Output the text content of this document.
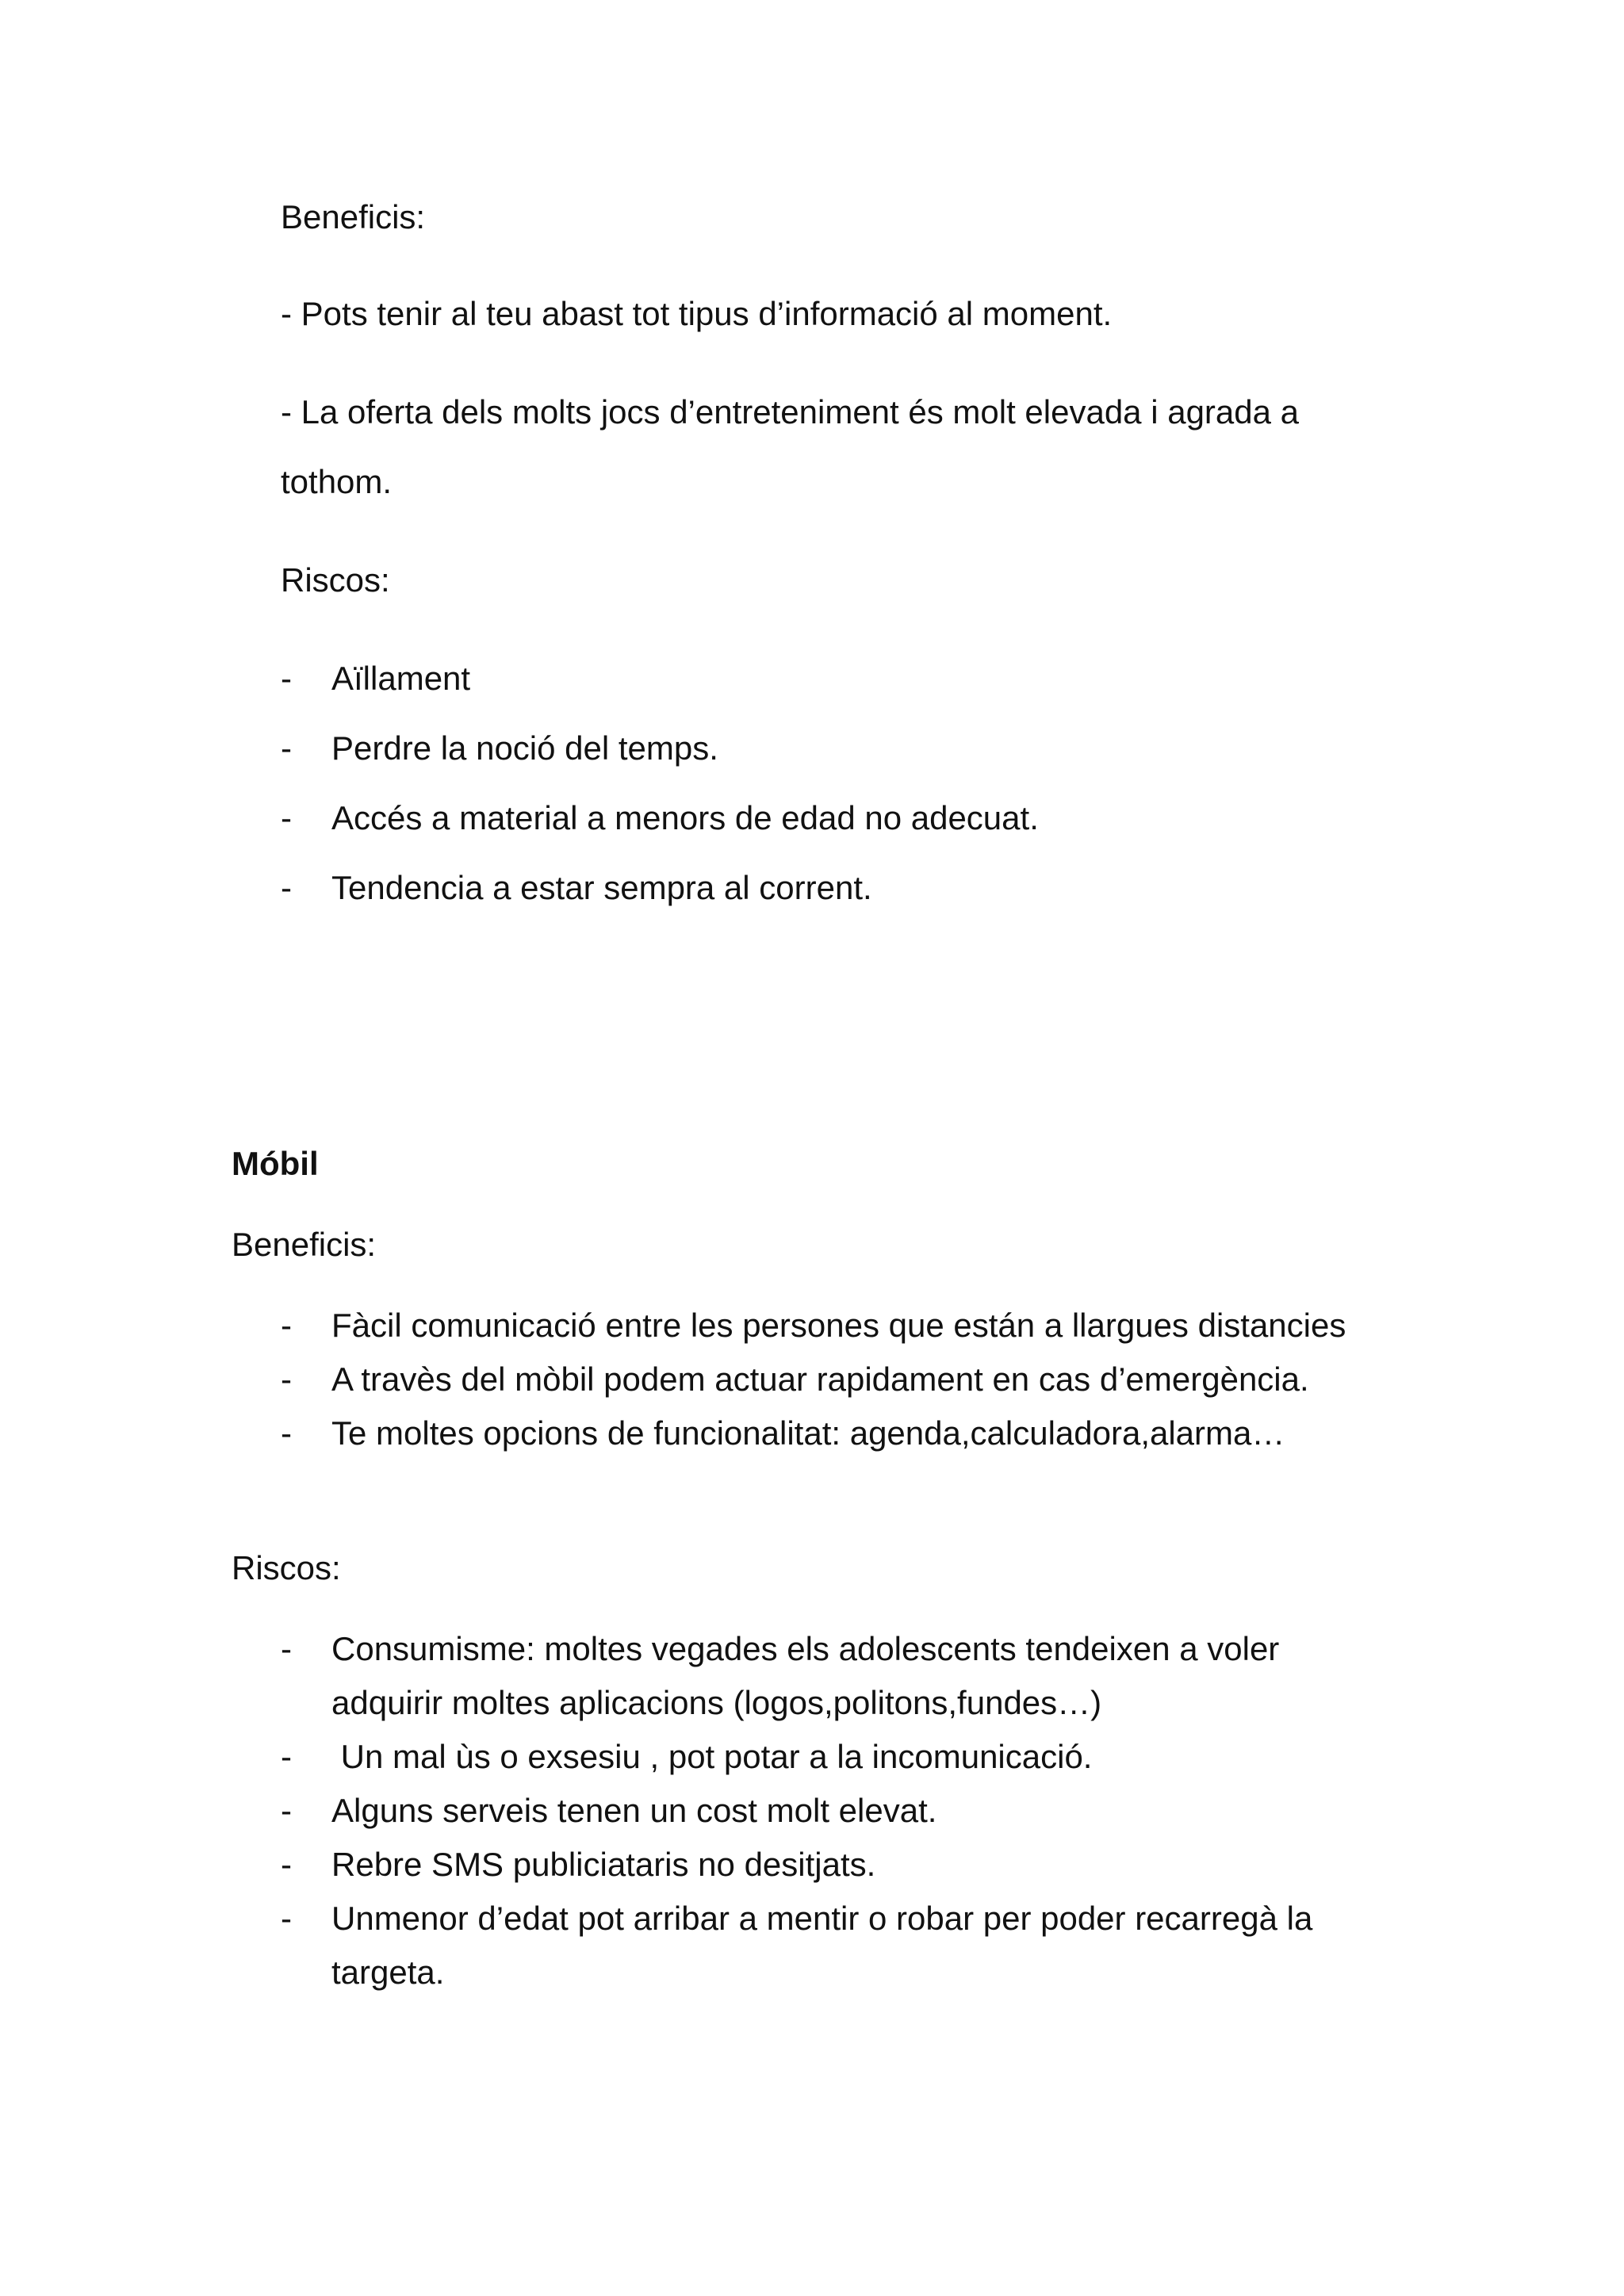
Beneficis:
- Pots tenir al teu abast tot tipus d’informació al moment.
- La oferta dels molts jocs d’entreteniment és molt elevada i agrada a
tothom.
Riscos:
- Aïllament
- Perdre la noció del temps.
- Accés a material a menors de edad no adecuat.
- Tendencia a estar sempra al corrent.
Móbil
Beneficis:
- Fàcil comunicació entre les persones que están a llargues distancies
- A travès del mòbil podem actuar rapidament en cas d’emergència.
- Te moltes opcions de funcionalitat: agenda,calculadora,alarma…
Riscos:
- Consumisme: moltes vegades els adolescents tendeixen a voler
adquirir moltes aplicacions (logos,politons,fundes…)
- Un mal ùs o exsesiu , pot potar a la incomunicació.
- Alguns serveis tenen un cost molt elevat.
- Rebre SMS publiciataris no desitjats.
- Unmenor d’edat pot arribar a mentir o robar per poder recarregà la
targeta.
